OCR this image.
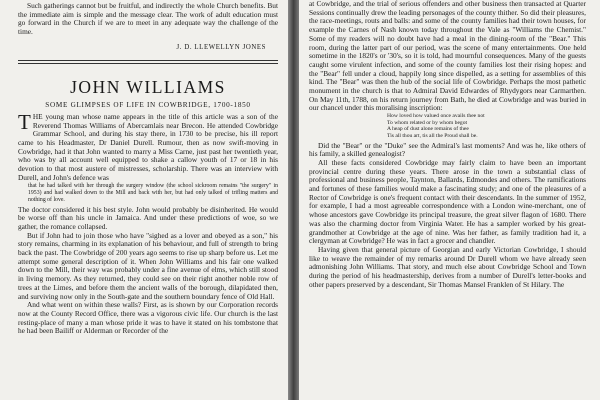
Such gatherings cannot but be fruitful, and indirectly the whole Church benefits. But the immediate aim is simple and the message clear. The work of adult education must go forward in the Church if we are to meet in any adequate way the challenge of the time.

J. D. LLEWELLYN JONES
JOHN WILLIAMS
SOME GLIMPSES OF LIFE IN COWBRIDGE, 1700-1850

THE young man whose name appears in the title of this article was a son of the Reverend Thomas Williams of Abercamlais near Brecon. He attended Cowbridge Grammar School, and during his stay there, in 1730 to be precise, his ill report came to his Headmaster, Dr Daniel Durell. Rumour, then as now swift-moving in Cowbridge, had it that John wanted to marry a Miss Carne, just past her twentieth year, who was by all account well equipped to shake a callow youth of 17 or 18 in his devotion to that most austere of mistresses, scholarship. There was an interview with Durell, and John's defence was

that he had talked with her through the surgery window (the school sickroom remains "the surgery" in 1953) and had walked down to the Mill and back with her, but had only talked of trifling matters and nothing of love.

The doctor considered it his best style. John would probably be disinherited. He would be worse off than his uncle in Jamaica. And under these predictions of woe, so we gather, the romance collapsed.

But if John had to join those who have "sighed as a lover and obeyed as a son," his story remains, charming in its explanation of his behaviour, and full of strength to bring back the past. The Cowbridge of 200 years ago seems to rise up sharp before us. Let me attempt some general description of it. When John Williams and his fair one walked down to the Mill, their way was probably under a fine avenue of elms, which still stood in living memory. As they returned, they could see on their right another noble row of trees at the Limes, and before them the ancient walls of the borough, dilapidated then, and surviving now only in the South-gate and the southern boundary fence of Old Hall.

And what went on within these walls? First, as is shown by our Corporation records now at the County Record Office, there was a vigorous civic life. Our church is the last resting-place of many a man whose pride it was to have it stated on his tombstone that he had been Bailiff or Alderman or Recorder of the

at Cowbridge, and the trial of serious offenders and other business then transacted at Quarter Sessions continually drew the leading personages of the county thither. So did their pleasures, the race-meetings, routs and balls: and some of the county families had their town houses, for example the Carnes of Nash known today throughout the Vale as "Williams the Chemist." Some of my readers will no doubt have had a meal in the dining-room of the "Bear." This room, during the latter part of our period, was the scene of many entertainments. One held sometime in the 1820's or '30's, so it is told, had mournful consequences. Many of the guests caught some virulent infection, and some of the county families lost their rising hopes: and the "Bear" fell under a cloud, happily long since dispelled, as a setting for assemblies of this kind. The "Bear" was then the hub of the social life of Cowbridge. Perhaps the most pathetic monument in the church is that to Admiral David Edwardes of Rhydygors near Carmarthen. On May 11th, 1788, on his return journey from Bath, he died at Cowbridge and was buried in our chancel under this moralising inscription:

How loved how valued once avails thee not
To whom related or by whom begot
A heap of dust alone remains of thee
Tis all thou art, tis all the Proud shall be.

Did the "Bear" or the "Duke" see the Admiral's last moments? And was he, like others of his family, a skilled genealogist?

All these facts considered Cowbridge may fairly claim to have been an important provincial centre during these years. There arose in the town a substantial class of professional and business people, Taynton, Ballards, Edmondes and others. The ramifications and fortunes of these families would make a fascinating study; and one of the pleasures of a Rector of Cowbridge is one's frequent contact with their descendants. In the summer of 1952, for example, I had a most agreeable correspondence with a London wine-merchant, one of whose ancestors gave Cowbridge its principal treasure, the great silver flagon of 1680. There was also the charming doctor from Virginia Water. He has a sampler worked by his great-grandmother at Cowbridge at the age of nine. Was her father, as family tradition had it, a clergyman at Cowbridge? He was in fact a grocer and chandler.

Having given that general picture of Georgian and early Victorian Cowbridge, I should like to weave the remainder of my remarks around Dr Durell whom we have already seen admonishing John Williams. That story, and much else about Cowbridge School and Town during the period of his headmastership, derives from a number of Durell's letter-books and other papers preserved by a descendant, Sir Thomas Mansel Franklen of St Hilary. The
